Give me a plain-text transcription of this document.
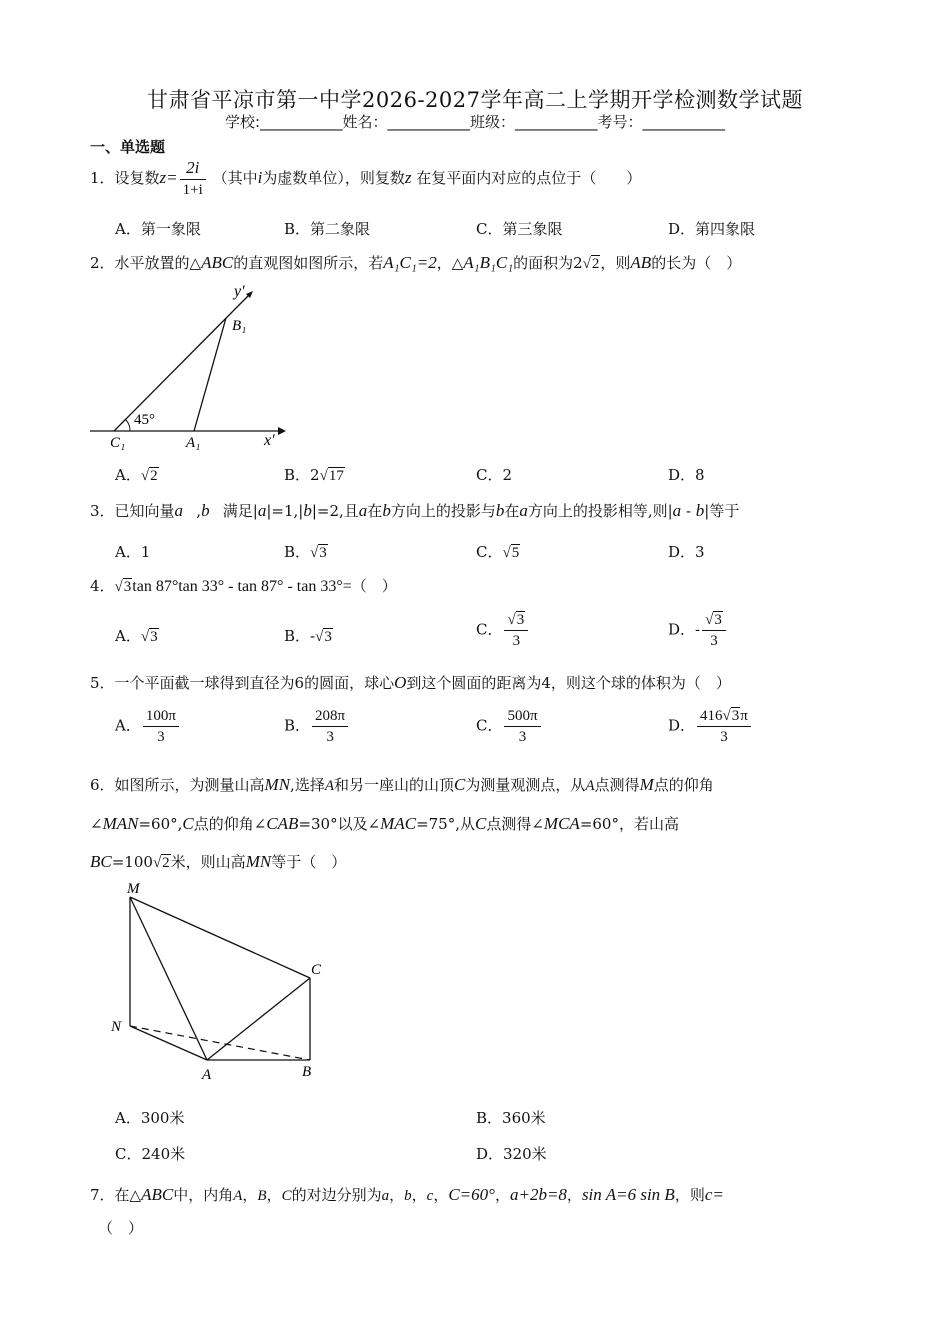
甘肃省平凉市第一中学2026-2027学年高二上学期开学检测数学试题
学校:___________姓名：___________班级：___________考号：___________
一、单选题
1．设复数$z= \frac{2i}{1+i}$ （其中i为虚数单位），则复数z 在复平面内对应的点位于（　　）
A．第一象限	B．第二象限	C．第三象限	D．第四象限
2．水平放置的△ABC的直观图如图所示，若A₁C₁=2，△A₁B₁C₁的面积为2√2，则AB的长为（　）
y′
B₁
45°
C₁	A₁	x′
A．√2	B．2√17	C．2	D．8
3．已知向量a,b满足|a|=1,|b|=2,且a在b方向上的投影与b在a方向上的投影相等,则|a - b|等于
A．1	B．√3	C．√5	D．3
4．√3tan 87°tan 33° - tan 87° - tan 33°=（　）
A．√3	B．-√3	C． $\frac{√3}{3}$	D．- $\frac{√3}{3}$
5．一个平面截一球得到直径为6的圆面，球心O到这个圆面的距离为4，则这个球的体积为（　）
A． $\frac{100\pi}{3}$	B． $\frac{208\pi}{3}$	C． $\frac{500\pi}{3}$	D． $\frac{416√3\pi}{3}$
6．如图所示，为测量山高MN,选择A和另一座山的山顶C为测量观测点，从A点测得M点的仰角
∠MAN=60°,C点的仰角∠CAB=30°以及∠MAC=75°,从C点测得∠MCA=60°，若山高
BC=100√2米，则山高MN等于（　）
M
C
N
A	B
A．300米	B．360米
C．240米	D．320米
7．在△ABC中，内角A，B，C的对边分别为a，b，c，C=60°，a+2b=8，sin A=6 sin B，则c=
（　）
